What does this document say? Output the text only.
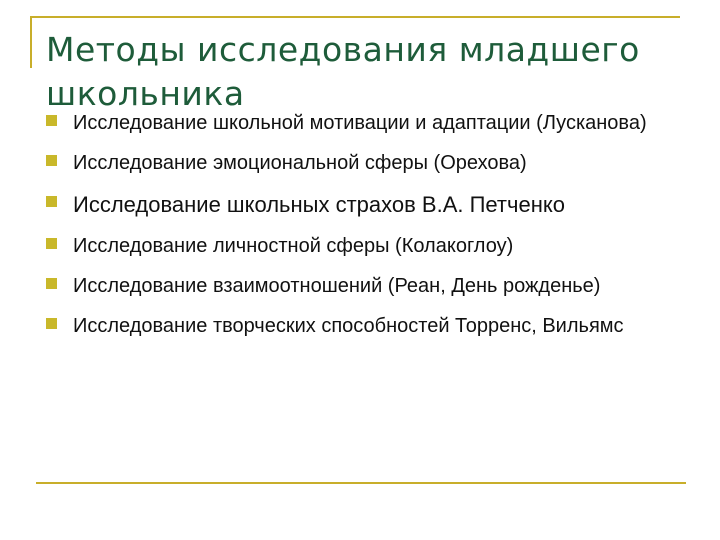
Методы исследования младшего школьника
Исследование школьной мотивации и адаптации (Лусканова)
Исследование эмоциональной сферы (Орехова)
Исследование школьных страхов В.А. Петченко
Исследование личностной сферы (Колакоглоу)
Исследование взаимоотношений (Реан, День рожденье)
Исследование творческих способностей Торренс, Вильямс
